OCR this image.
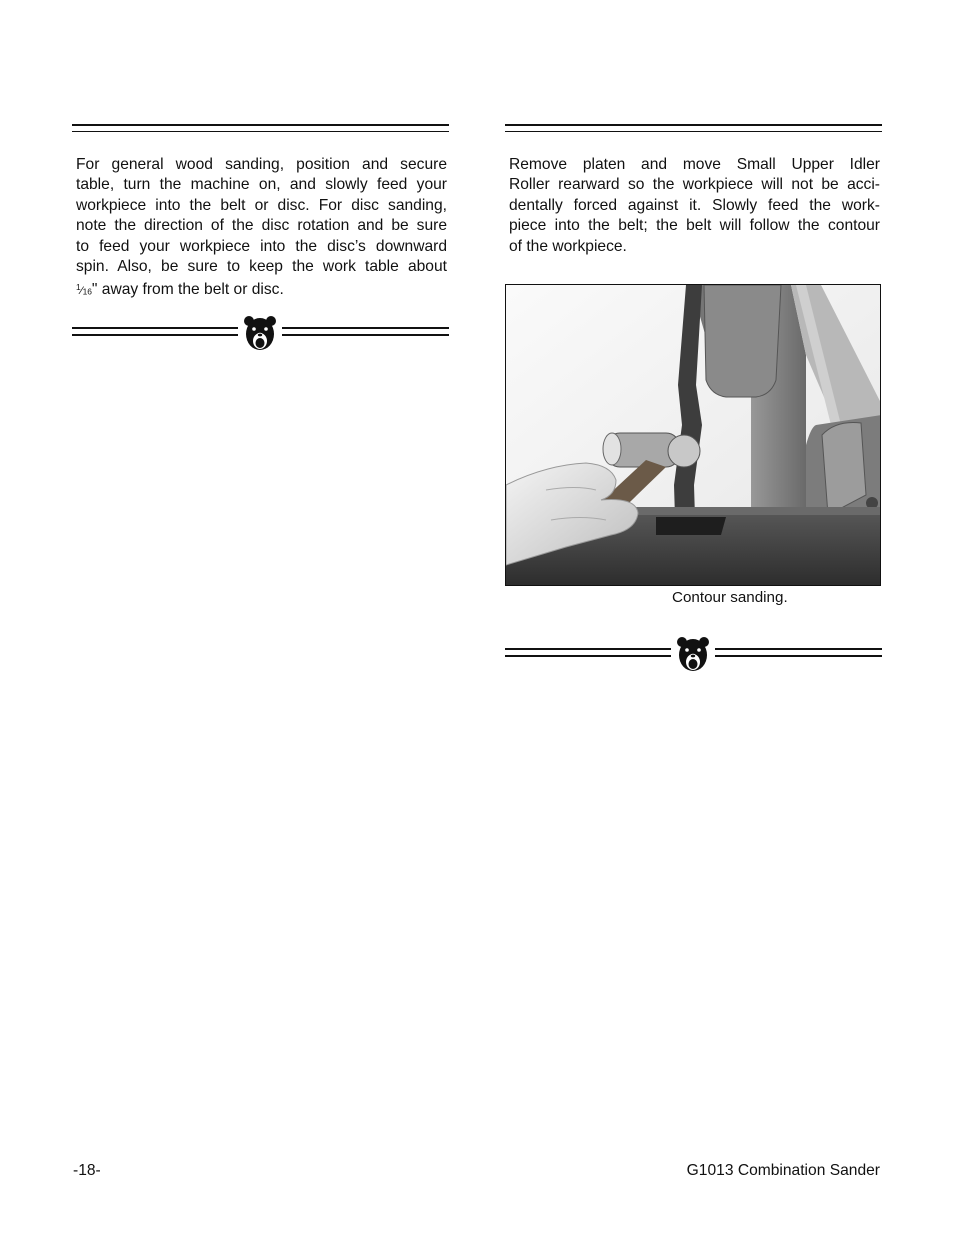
For general wood sanding, position and secure
table, turn the machine on, and slowly feed your
workpiece into the belt or disc. For disc sanding,
note the direction of the disc rotation and be sure
to feed your workpiece into the disc’s downward
spin. Also, be sure to keep the work table about
$^1⁄_{16}$" away from the belt or disc.
Remove platen and move Small Upper Idler
Roller rearward so the workpiece will not be acci-
dentally forced against it. Slowly feed the work-
piece into the belt; the belt will follow the contour
of the workpiece.
Contour sanding.
-18-	G1013 Combination Sander
